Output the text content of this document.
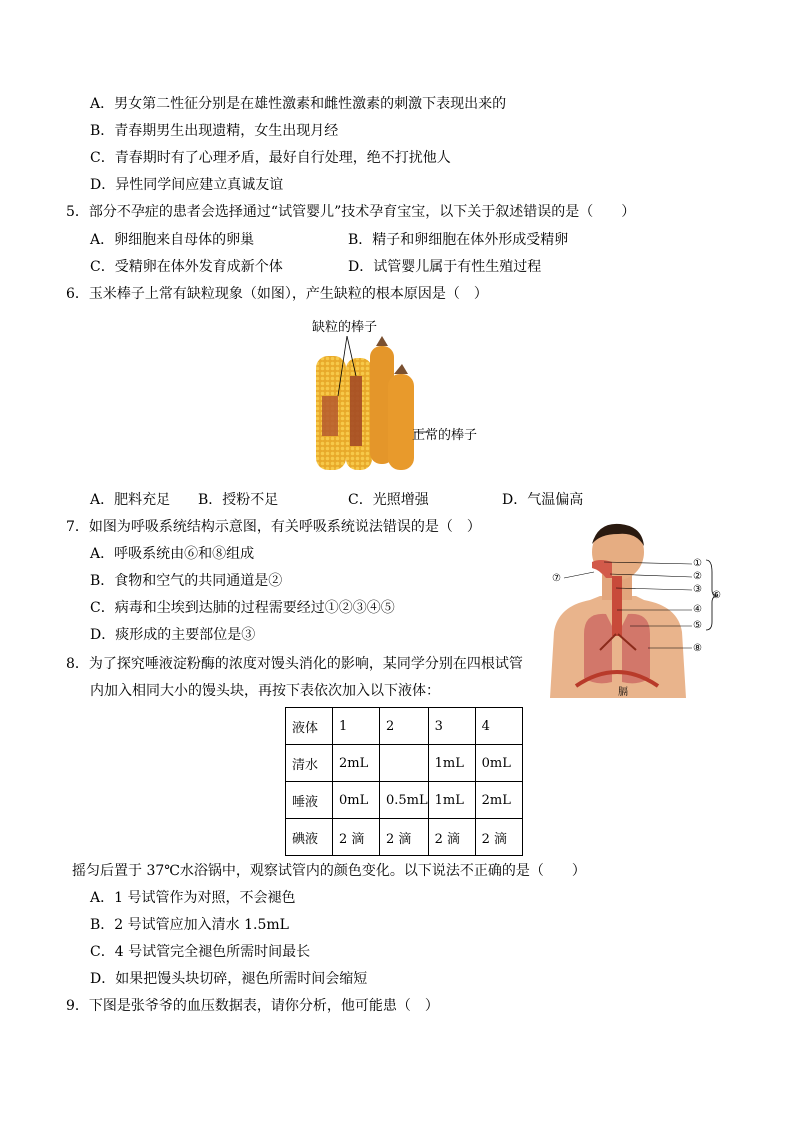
A．男女第二性征分别是在雄性激素和雌性激素的刺激下表现出来的
B．青春期男生出现遗精，女生出现月经
C．青春期时有了心理矛盾，最好自行处理，绝不打扰他人
D．异性同学间应建立真诚友谊
5．部分不孕症的患者会选择通过“试管婴儿”技术孕育宝宝，以下关于叙述错误的是（　　）
A．卵细胞来自母体的卵巢	B．精子和卵细胞在体外形成受精卵
C．受精卵在体外发育成新个体	D．试管婴儿属于有性生殖过程
6．玉米棒子上常有缺粒现象（如图），产生缺粒的根本原因是（　）
缺粒的棒子
正常的棒子
A．肥料充足 B．授粉不足	C．光照增强	D．气温偏高
7．如图为呼吸系统结构示意图，有关呼吸系统说法错误的是（　）
A．呼吸系统由⑥和⑧组成
B．食物和空气的共同通道是②
C．病毒和尘埃到达肺的过程需要经过①②③④⑤
D．痰形成的主要部位是③
①
②
③
④
⑤
⑥
⑦
⑧
膈
8．为了探究唾液淀粉酶的浓度对馒头消化的影响，某同学分别在四根试管
内加入相同大小的馒头块，再按下表依次加入以下液体：
液体	1	2	3	4
清水	2mL		1mL	0mL
唾液	0mL	0.5mL	1mL	2mL
碘液	2 滴	2 滴	2 滴	2 滴
摇匀后置于 37℃水浴锅中，观察试管内的颜色变化。以下说法不正确的是（　　）
A．1 号试管作为对照，不会褪色
B．2 号试管应加入清水 1.5mL
C．4 号试管完全褪色所需时间最长
D．如果把馒头块切碎，褪色所需时间会缩短
9．下图是张爷爷的血压数据表，请你分析，他可能患（　）
